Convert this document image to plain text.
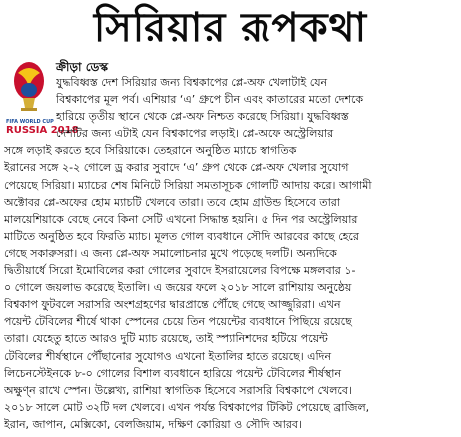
সিরিয়ার রূপকথা
FIFA WORLD CUP
RUSSIA 2018
ক্রীড়া ডেস্ক
যুদ্ধবিধ্বস্ত দেশ সিরিয়ার জন্য বিশ্বকাপের প্লে-অফ খেলাটাই যেন
বিশ্বকাপের মূল পর্ব। এশিয়ার ‘এ’ গ্রুপে চীন এবং কাতারের মতো দেশকে
হারিয়ে তৃতীয় স্থানে থেকে প্লে-অফ নিশ্চত করেছে সিরিয়া। যুদ্ধবিধ্বস্ত
দেশটির জন্য এটাই যেন বিশ্বকাপের লড়াই। প্লে-অফে অস্ট্রেলিয়ার
সঙ্গে লড়াই করতে হবে সিরিয়াকে। তেহরানে অনুষ্ঠিত ম্যাচে স্বাগতিক
ইরানের সঙ্গে ২-২ গোলে ড্র করার সুবাদে ‘এ’ গ্রুপ থেকে প্লে-অফ খেলার সুযোগ
পেয়েছে সিরিয়া। ম্যাচের শেষ মিনিটে সিরিয়া সমতাসূচক গোলটি আদায় করে। আগামী
অক্টোবর প্লে-অফের হোম ম্যাচটি খেলবে তারা। তবে হোম গ্রাউন্ড হিসেবে তারা
মালয়েশিয়াকে বেছে নেবে কিনা সেটি এখনো সিদ্ধান্ত হয়নি। ৫ দিন পর অস্ট্রেলিয়ার
মাটিতে অনুষ্ঠিত হবে ফিরতি ম্যাচ। মূলত গোল ব্যবধানে সৌদি আরবের কাছে হেরে
গেছে সকারুসরা। এ জন্য প্লে-অফ সমালোচনার মুখে পড়েছে দলটি। অন্যদিকে
দ্বিতীয়ার্ধে সিরো ইমোবিলের করা গোলের সুবাদে ইসরায়েলের বিপক্ষে মঙ্গলবার ১-
০ গোলে জয়লাভ করেছে ইতালি। এ জয়ের ফলে ২০১৮ সালে রাশিয়ায় অনুষ্ঠেয়
বিশ্বকাপ ফুটবলে সরাসরি অংশগ্রহণের দ্বারপ্রান্তে পৌঁছে গেছে আজ্জুরিরা। এখন
পয়েন্ট টেবিলের শীর্ষে থাকা স্পেনের চেয়ে তিন পয়েন্টের ব্যবধানে পিছিয়ে রয়েছে
তারা। যেহেতু হাতে আরও দুটি ম্যাচ রয়েছে, তাই স্প্যানিশদের হটিয়ে পয়েন্ট
টেবিলের শীর্ষস্থানে পৌঁছানোর সুযোগও এখনো ইতালির হাতে রয়েছে। এদিন
লিচেনস্টেইনকে ৮-০ গোলের বিশাল ব্যবধানে হারিয়ে পয়েন্ট টেবিলের শীর্ষস্থান
অক্ষুণ্ন রাখে স্পেন। উল্লেখ্য, রাশিয়া স্বাগতিক হিসেবে সরাসরি বিশ্বকাপে খেলবে।
২০১৮ সালে মোট ৩২টি দল খেলবে। এখন পর্যন্ত বিশ্বকাপের টিকিট পেয়েছে ব্রাজিল,
ইরান, জাপান, মেক্সিকো, বেলজিয়াম, দক্ষিণ কোরিয়া ও সৌদি আরব।
